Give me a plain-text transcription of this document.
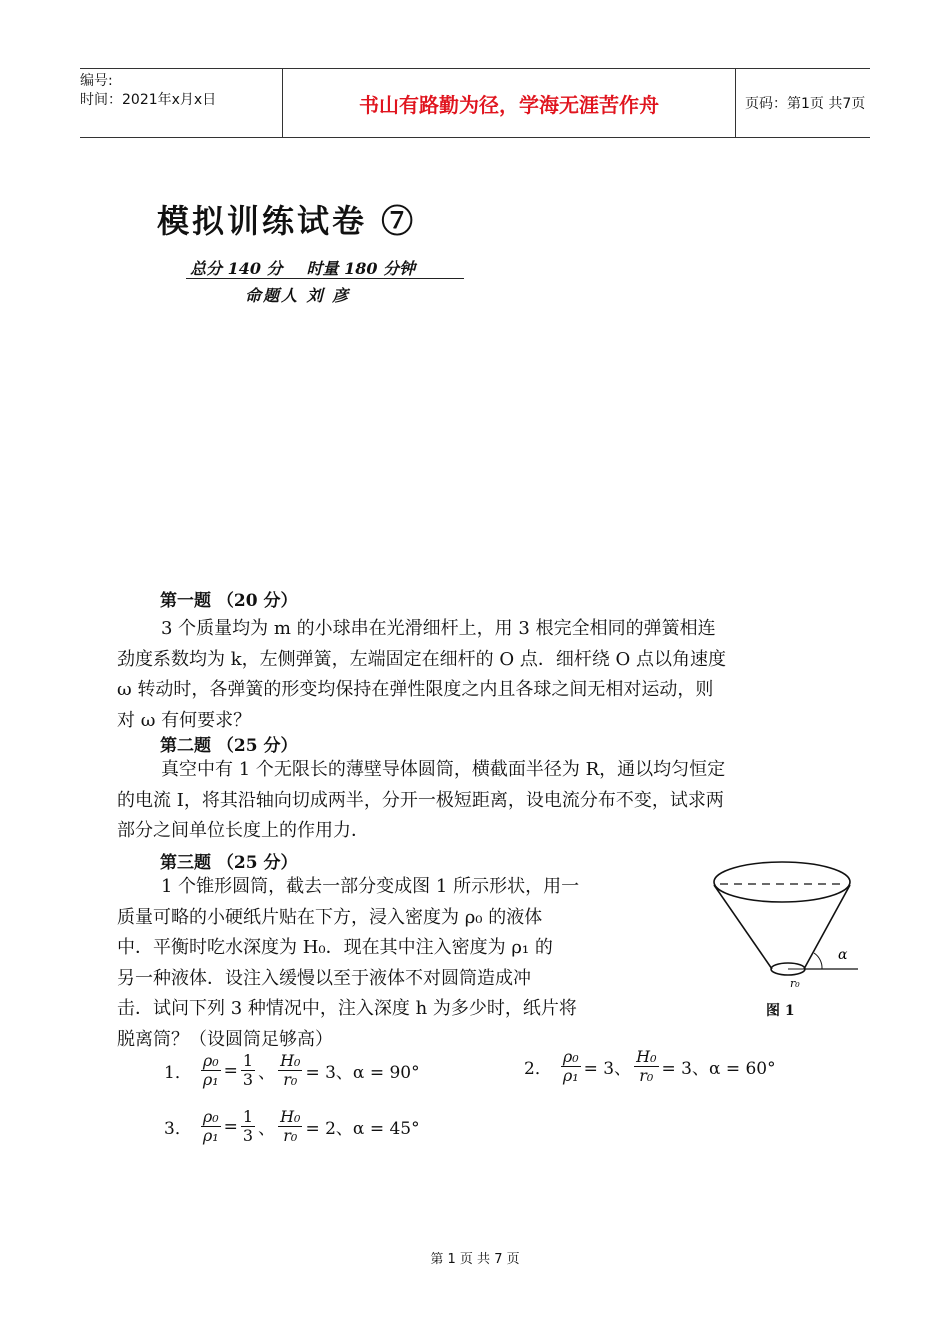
编号:
时间：2021年x月x日	书山有路勤为径，学海无涯苦作舟	页码：第1页 共7页
模拟训练试卷 ⑦
总分 140 分 时量 180 分钟
命题人 刘 彦
第一题 （20 分）
3 个质量均为 m 的小球串在光滑细杆上，用 3 根完全相同的弹簧相连
劲度系数均为 k，左侧弹簧，左端固定在细杆的 O 点．细杆绕 O 点以角速度
ω 转动时，各弹簧的形变均保持在弹性限度之内且各球之间无相对运动，则
对 ω 有何要求？
第二题 （25 分）
真空中有 1 个无限长的薄壁导体圆筒，横截面半径为 R，通以均匀恒定
的电流 I，将其沿轴向切成两半，分开一极短距离，设电流分布不变，试求两
部分之间单位长度上的作用力．
第三题 （25 分）
1 个锥形圆筒，截去一部分变成图 1 所示形状，用一
质量可略的小硬纸片贴在下方，浸入密度为 ρ₀ 的液体
中．平衡时吃水深度为 H₀．现在其中注入密度为 ρ₁ 的
另一种液体．设注入缓慢以至于液体不对圆筒造成冲
击．试问下列 3 种情况中，注入深度 h 为多少时，纸片将
脱离筒？（设圆筒足够高）
α
r₀
图 1
1． $\frac{\text{ρ₀}}{\text{ρ₁}} = \frac{1}{3}$ 、 $\frac{\text{H₀}}{\text{r₀}} = 3$、α = 90°	2． $\frac{\text{ρ₀}}{\text{ρ₁}} = 3$、 $\frac{\text{H₀}}{\text{r₀}} = 3$、α = 60°
3． $\frac{\text{ρ₀}}{\text{ρ₁}} = \frac{1}{3}$ 、 $\frac{\text{H₀}}{\text{r₀}} = 2$、α = 45°
第 1 页 共 7 页
